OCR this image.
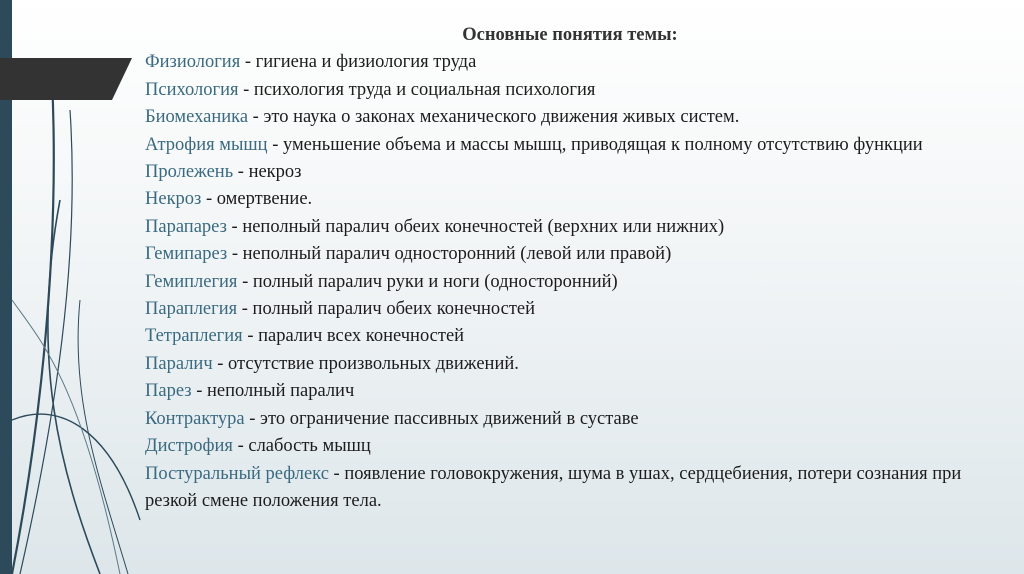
Основные понятия темы:
Физиология - гигиена и физиология труда
Психология - психология труда и социальная психология
Биомеханика - это наука о законах механического движения живых систем.
Атрофия мышц - уменьшение объема и массы мышц, приводящая к полному отсутствию функции
Пролежень - некроз
Некроз - омертвение.
Парапарез - неполный паралич обеих конечностей (верхних или нижних)
Гемипарез - неполный паралич односторонний (левой или правой)
Гемиплегия - полный паралич руки и ноги (односторонний)
Параплегия - полный паралич обеих конечностей
Тетраплегия - паралич всех конечностей
Паралич - отсутствие произвольных движений.
Парез - неполный паралич
Контрактура - это ограничение пассивных движений в суставе
Дистрофия - слабость мышц
Постуральный рефлекс - появление головокружения, шума в ушах, сердцебиения, потери сознания при резкой смене положения тела.
